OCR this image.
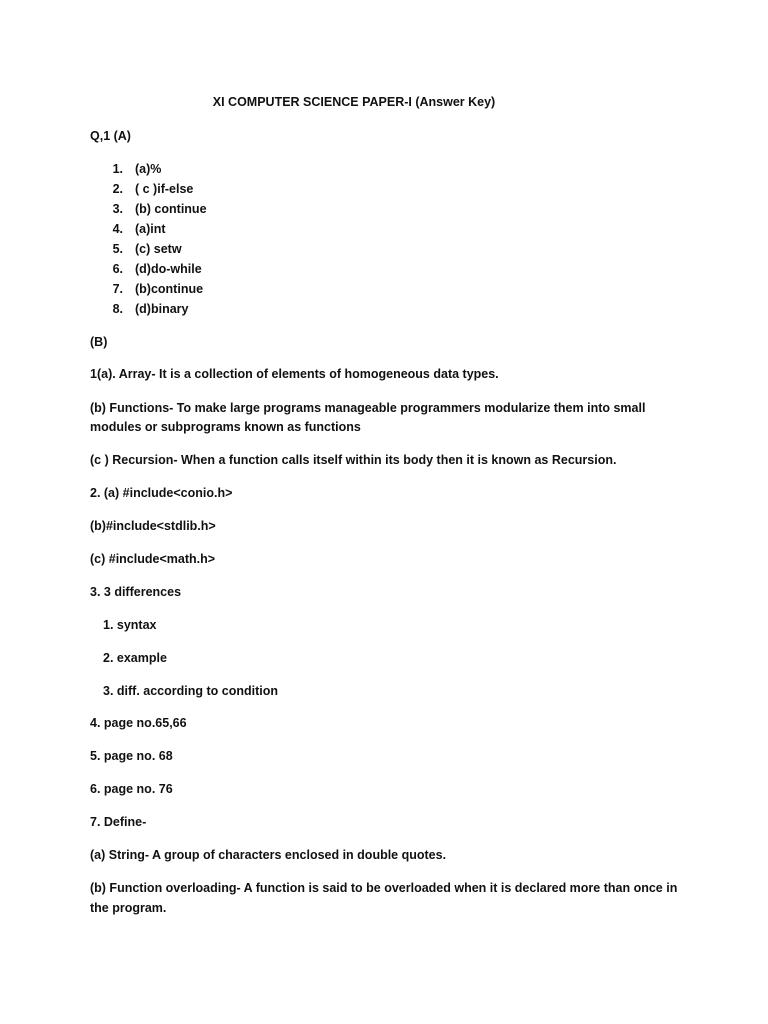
XI COMPUTER SCIENCE PAPER-I (Answer Key)
Q,1 (A)
1. (a)%
2. ( c )if-else
3. (b) continue
4. (a)int
5. (c) setw
6. (d)do-while
7. (b)continue
8. (d)binary
(B)
1(a). Array- It is a collection of elements of homogeneous data types.
(b) Functions- To make large programs manageable programmers modularize them into small
modules or subprograms known as functions
(c ) Recursion- When a function calls itself within its body then it is known as Recursion.
2. (a) #include<conio.h>
(b)#include<stdlib.h>
(c) #include<math.h>
3. 3 differences
1. syntax
2. example
3. diff. according to condition
4. page no.65,66
5. page no. 68
6. page no. 76
7. Define-
(a) String- A group of characters enclosed in double quotes.
(b) Function overloading- A function is said to be overloaded when it is declared more than once in
the program.
